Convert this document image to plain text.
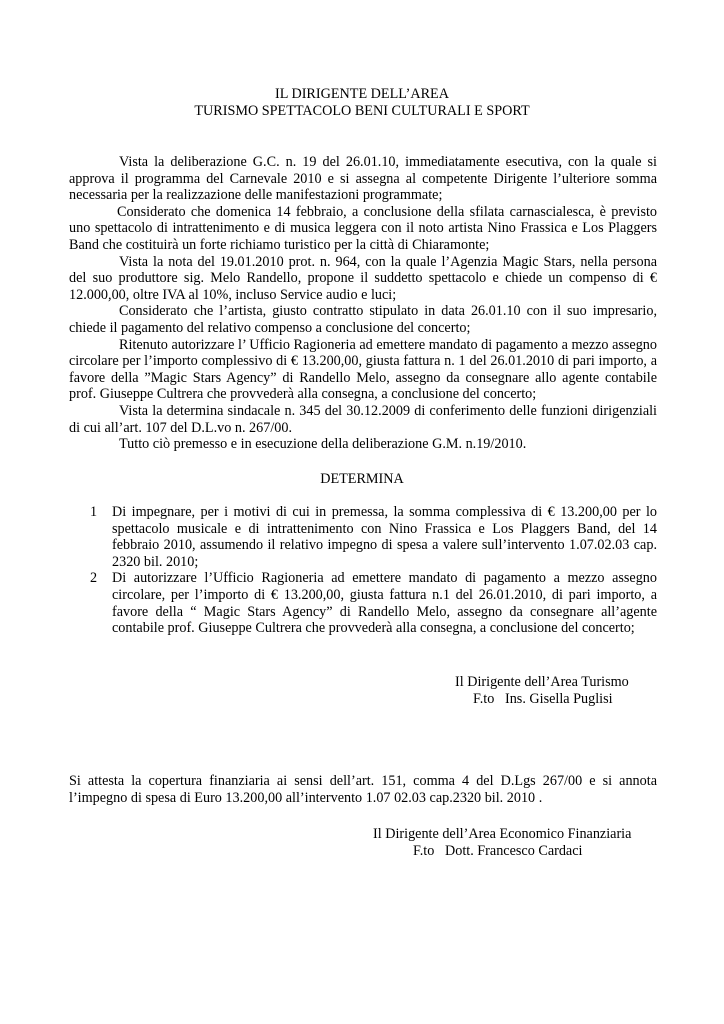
IL DIRIGENTE DELL’AREA
TURISMO SPETTACOLO BENI CULTURALI E SPORT

Vista la deliberazione G.C. n. 19 del 26.01.10, immediatamente esecutiva, con la quale si approva il programma del Carnevale 2010 e si assegna al competente Dirigente l’ulteriore somma necessaria per la realizzazione delle manifestazioni programmate;

Considerato che domenica 14 febbraio, a conclusione della sfilata carnascialesca, è previsto uno spettacolo di intrattenimento e di musica leggera con il noto artista Nino Frassica e Los Plaggers Band che costituirà un forte richiamo turistico per la città di Chiaramonte;

Vista la nota del 19.01.2010 prot. n. 964, con la quale l’Agenzia Magic Stars, nella persona del suo produttore sig. Melo Randello, propone il suddetto spettacolo e chiede un compenso di € 12.000,00, oltre IVA al 10%, incluso Service audio e luci;

Considerato che l’artista, giusto contratto stipulato in data 26.01.10 con il suo impresario, chiede il pagamento del relativo compenso a conclusione del concerto;

Ritenuto autorizzare l’ Ufficio Ragioneria ad emettere mandato di pagamento a mezzo assegno circolare per l’importo complessivo di € 13.200,00, giusta fattura n. 1 del 26.01.2010 di pari importo, a favore della ”Magic Stars Agency” di Randello Melo, assegno da consegnare allo agente contabile prof. Giuseppe Cultrera che provvederà alla consegna, a conclusione del concerto;

Vista la determina sindacale n. 345 del 30.12.2009 di conferimento delle funzioni dirigenziali di cui all’art. 107 del D.L.vo n. 267/00.

Tutto ciò premesso e in esecuzione della deliberazione G.M. n.19/2010.

DETERMINA
1	Di impegnare, per i motivi di cui in premessa, la somma complessiva di € 13.200,00 per lo spettacolo musicale e di intrattenimento con Nino Frassica e Los Plaggers Band, del 14 febbraio 2010, assumendo il relativo impegno di spesa a valere sull’intervento 1.07.02.03 cap. 2320 bil. 2010;
2	Di autorizzare l’Ufficio Ragioneria ad emettere mandato di pagamento a mezzo assegno circolare, per l’importo di € 13.200,00, giusta fattura n.1 del 26.01.2010, di pari importo, a favore della “ Magic Stars Agency” di Randello Melo, assegno da consegnare all’agente contabile prof. Giuseppe Cultrera che provvederà alla consegna, a conclusione del concerto;
Il Dirigente dell’Area Turismo
F.to   Ins. Gisella Puglisi
Si attesta la copertura finanziaria ai sensi dell’art. 151, comma 4 del D.Lgs 267/00 e si annota l’impegno di spesa di Euro 13.200,00 all’intervento 1.07 02.03 cap.2320 bil. 2010 .
Il Dirigente dell’Area Economico Finanziaria
F.to   Dott. Francesco Cardaci
